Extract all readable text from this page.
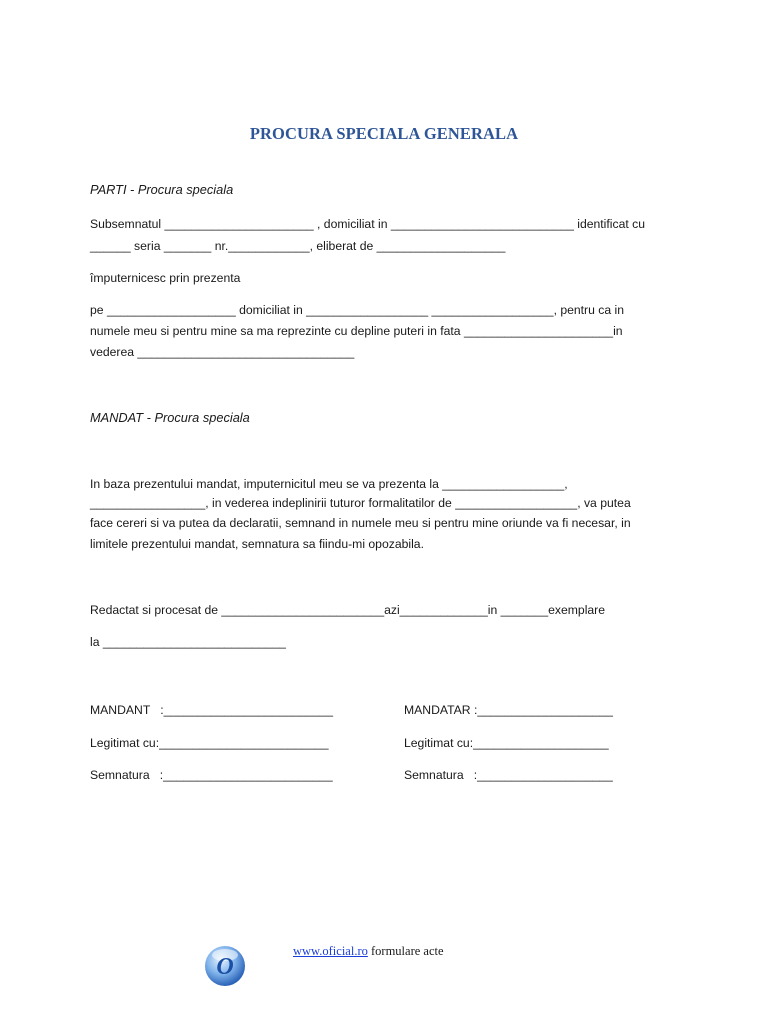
PROCURA SPECIALA GENERALA
PARTI - Procura speciala
Subsemnatul ______________________ , domiciliat in ___________________________ identificat cu
______ seria _______ nr.____________, eliberat de ___________________
împuternicesc prin prezenta
pe ___________________ domiciliat in __________________ __________________, pentru ca in
numele meu si pentru mine sa ma reprezinte cu depline puteri in fata ______________________in
vederea ________________________________
MANDAT - Procura speciala
In baza prezentului mandat, imputernicitul meu se va prezenta la __________________,
_________________, in vederea indeplinirii tuturor formalitatilor de __________________, va putea
face cereri si va putea da declaratii, semnand in numele meu si pentru mine oriunde va fi necesar, in
limitele prezentului mandat, semnatura sa fiindu-mi opozabila.
Redactat si procesat de ________________________azi_____________in _______exemplare
la ___________________________
MANDANT   :_________________________
Legitimat cu:_________________________
Semnatura   :_________________________
MANDATAR :____________________
Legitimat cu:____________________
Semnatura   :____________________
O
www.oficial.ro formulare acte
